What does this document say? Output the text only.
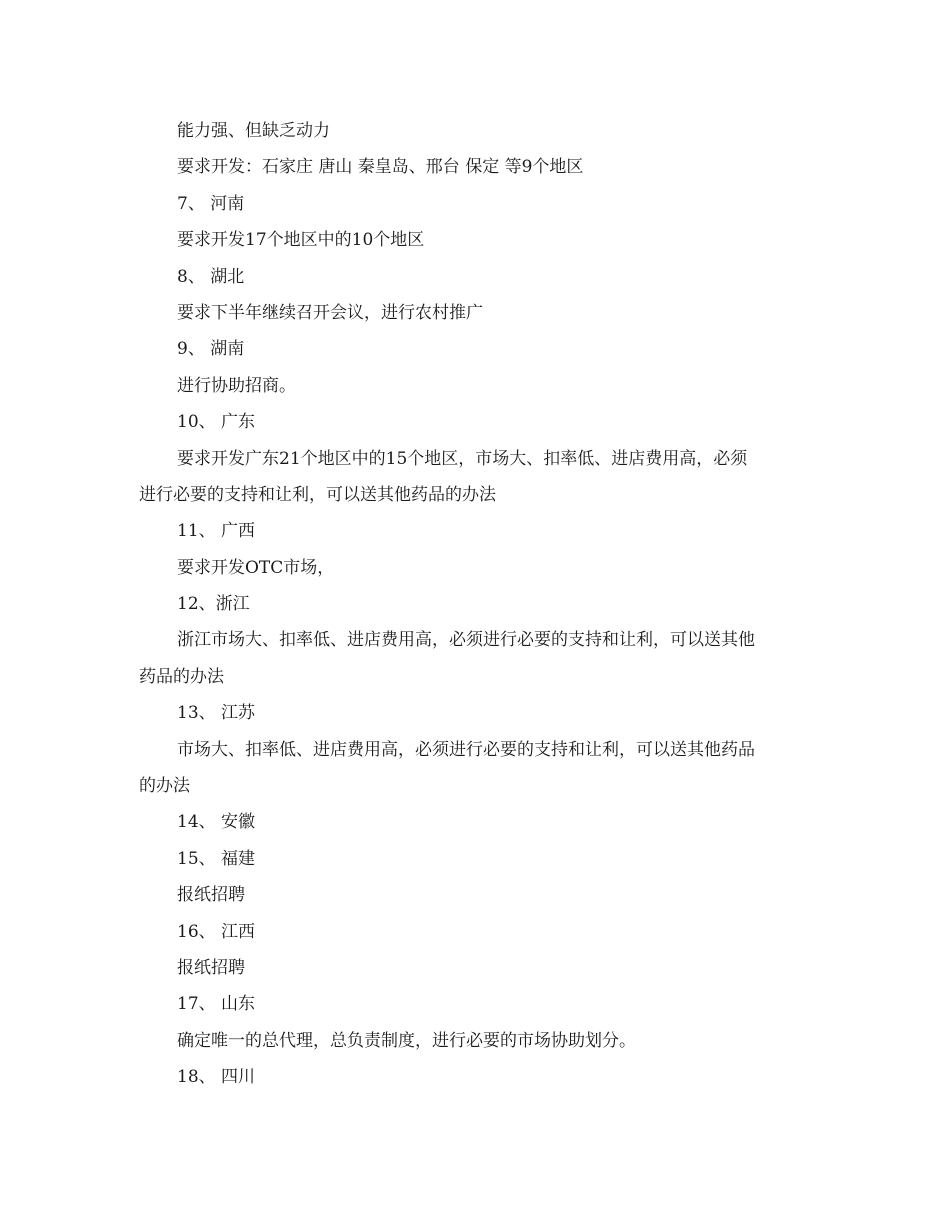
能力强、但缺乏动力
要求开发：石家庄 唐山 秦皇岛、邢台 保定 等9个地区
7、 河南
要求开发17个地区中的10个地区
8、 湖北
要求下半年继续召开会议，进行农村推广
9、 湖南
进行协助招商。
10、 广东
要求开发广东21个地区中的15个地区，市场大、扣率低、进店费用高，必须
进行必要的支持和让利，可以送其他药品的办法
11、 广西
要求开发OTC市场，
12、浙江
浙江市场大、扣率低、进店费用高，必须进行必要的支持和让利，可以送其他
药品的办法
13、 江苏
市场大、扣率低、进店费用高，必须进行必要的支持和让利，可以送其他药品
的办法
14、 安徽
15、 福建
报纸招聘
16、 江西
报纸招聘
17、 山东
确定唯一的总代理，总负责制度，进行必要的市场协助划分。
18、 四川
